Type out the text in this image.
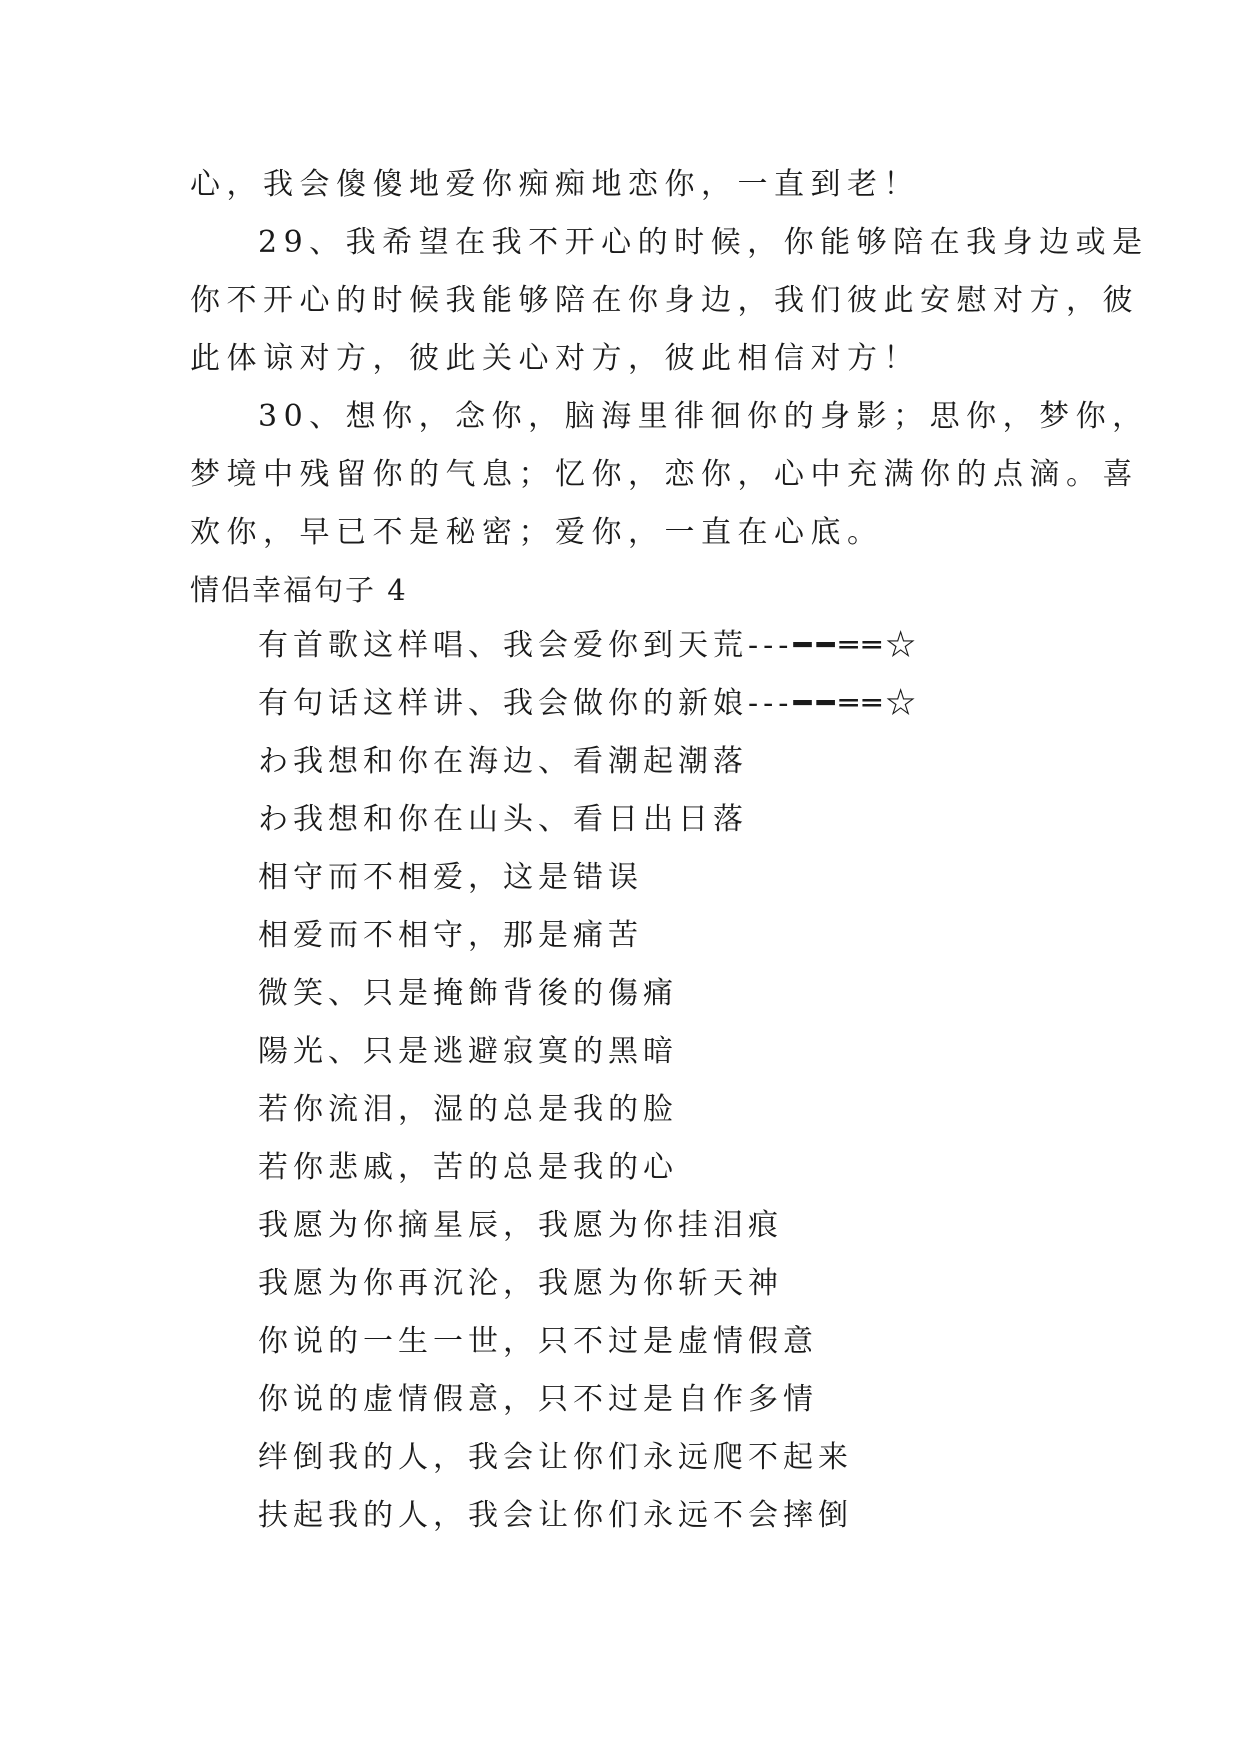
心，我会傻傻地爱你痴痴地恋你，一直到老！
29、我希望在我不开心的时候，你能够陪在我身边或是
你不开心的时候我能够陪在你身边，我们彼此安慰对方，彼
此体谅对方，彼此关心对方，彼此相信对方！
30、想你，念你，脑海里徘徊你的身影；思你，梦你，
梦境中残留你的气息；忆你，恋你，心中充满你的点滴。喜
欢你，早已不是秘密；爱你，一直在心底。
情侣幸福句子 4
有首歌这样唱、我会爱你到天荒---━━══☆
有句话这样讲、我会做你的新娘---━━══☆
わ我想和你在海边、看潮起潮落
わ我想和你在山头、看日出日落
相守而不相爱，这是错误
相爱而不相守，那是痛苦
微笑、只是掩飾背後的傷痛
陽光、只是逃避寂寞的黑暗
若你流泪，湿的总是我的脸
若你悲戚，苦的总是我的心
我愿为你摘星辰，我愿为你挂泪痕
我愿为你再沉沦，我愿为你斩天神
你说的一生一世，只不过是虚情假意
你说的虚情假意，只不过是自作多情
绊倒我的人，我会让你们永远爬不起来
扶起我的人，我会让你们永远不会摔倒
